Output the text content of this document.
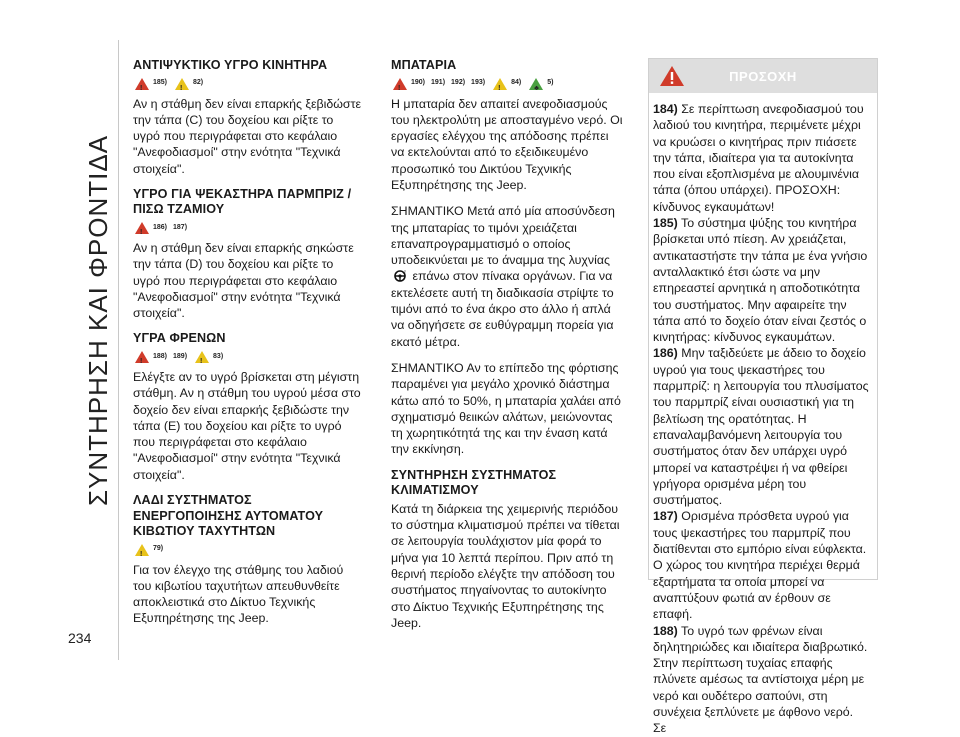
ΣΥΝΤΗΡΗΣΗ ΚΑΙ ΦΡΟΝΤΙΔΑ
234
ΑΝΤΙΨΥΚΤΙΚΟ ΥΓΡΟ ΚΙΝΗΤΗΡΑ
!
185)
!
82)

Αν η στάθμη δεν είναι επαρκής ξεβιδώστε την τάπα (C) του δοχείου και ρίξτε το υγρό που περιγράφεται στο κεφάλαιο "Ανεφοδιασμοί" στην ενότητα "Τεχνικά στοιχεία".

ΥΓΡΟ ΓΙΑ ΨΕΚΑΣΤΗΡΑ ΠΑΡΜΠΡΙΖ / ΠΙΣΩ ΤΖΑΜΙΟΥ
!
186) 187)

Αν η στάθμη δεν είναι επαρκής σηκώστε την τάπα (D) του δοχείου και ρίξτε το υγρό που περιγράφεται στο κεφάλαιο "Ανεφοδιασμοί" στην ενότητα "Τεχνικά στοιχεία".

ΥΓΡΑ ΦΡΕΝΩΝ
!
188) 189)
!
83)

Ελέγξτε αν το υγρό βρίσκεται στη μέγιστη στάθμη. Αν η στάθμη του υγρού μέσα στο δοχείο δεν είναι επαρκής ξεβιδώστε την τάπα (E) του δοχείου και ρίξτε το υγρό που περιγράφεται στο κεφάλαιο "Ανεφοδιασμοί" στην ενότητα "Τεχνικά στοιχεία".

ΛΑΔΙ ΣΥΣΤΗΜΑΤΟΣ ΕΝΕΡΓΟΠΟΙΗΣΗΣ ΑΥΤΟΜΑΤΟΥ ΚΙΒΩΤΙΟΥ ΤΑΧΥΤΗΤΩΝ
!
79)

Για τον έλεγχο της στάθμης του λαδιού του κιβωτίου ταχυτήτων απευθυνθείτε αποκλειστικά στο Δίκτυο Τεχνικής Εξυπηρέτησης της Jeep.

ΜΠΑΤΑΡΙΑ
!
190) 191) 192) 193)
!
84)
♣
5)

Η μπαταρία δεν απαιτεί ανεφοδιασμούς του ηλεκτρολύτη με αποσταγμένο νερό. Οι εργασίες ελέγχου της απόδοσης πρέπει να εκτελούνται από το εξειδικευμένο προσωπικό του Δικτύου Τεχνικής Εξυπηρέτησης της Jeep.

ΣΗΜΑΝΤΙΚΟ Μετά από μία αποσύνδεση της μπαταρίας το τιμόνι χρειάζεται επαναπρογραμματισμό ο οποίος υποδεικνύεται με το άναμμα της λυχνίας
! επάνω στον πίνακα οργάνων. Για να εκτελέσετε αυτή τη διαδικασία στρίψτε το τιμόνι από το ένα άκρο στο άλλο ή απλά να οδηγήσετε σε ευθύγραμμη πορεία για εκατό μέτρα.

ΣΗΜΑΝΤΙΚΟ Αν το επίπεδο της φόρτισης παραμένει για μεγάλο χρονικό διάστημα κάτω από το 50%, η μπαταρία χαλάει από σχηματισμό θειικών αλάτων, μειώνοντας τη χωρητικότητά της και την έναση κατά την εκκίνηση.

ΣΥΝΤΗΡΗΣΗ ΣΥΣΤΗΜΑΤΟΣ ΚΛΙΜΑΤΙΣΜΟΥ

Κατά τη διάρκεια της χειμερινής περιόδου το σύστημα κλιματισμού πρέπει να τίθεται σε λειτουργία τουλάχιστον μία φορά το μήνα για 10 λεπτά περίπου. Πριν από τη θερινή περίοδο ελέγξτε την απόδοση του συστήματος πηγαίνοντας το αυτοκίνητο στο Δίκτυο Τεχνικής Εξυπηρέτησης της Jeep.

ΠΡΟΣΟΧΗ
184) Σε περίπτωση ανεφοδιασμού του λαδιού του κινητήρα, περιμένετε μέχρι να κρυώσει ο κινητήρας πριν πιάσετε την τάπα, ιδιαίτερα για τα αυτοκίνητα που είναι εξοπλισμένα με αλουμινένια τάπα (όπου υπάρχει). ΠΡΟΣΟΧΗ: κίνδυνος εγκαυμάτων!
185) Το σύστημα ψύξης του κινητήρα βρίσκεται υπό πίεση. Αν χρειάζεται, αντικαταστήστε την τάπα με ένα γνήσιο ανταλλακτικό έτσι ώστε να μην επηρεαστεί αρνητικά η αποδοτικότητα του συστήματος. Μην αφαιρείτε την τάπα από το δοχείο όταν είναι ζεστός ο κινητήρας: κίνδυνος εγκαυμάτων.
186) Μην ταξιδεύετε με άδειο το δοχείο υγρού για τους ψεκαστήρες του παρμπρίζ: η λειτουργία του πλυσίματος του παρμπρίζ είναι ουσιαστική για τη βελτίωση της ορατότητας. Η επαναλαμβανόμενη λειτουργία του συστήματος όταν δεν υπάρχει υγρό μπορεί να καταστρέψει ή να φθείρει γρήγορα ορισμένα μέρη του συστήματος.
187) Ορισμένα πρόσθετα υγρού για τους ψεκαστήρες του παρμπρίζ που διατίθενται στο εμπόριο είναι εύφλεκτα. Ο χώρος του κινητήρα περιέχει θερμά εξαρτήματα τα οποία μπορεί να αναπτύξουν φωτιά αν έρθουν σε επαφή.
188) Το υγρό των φρένων είναι δηλητηριώδες και ιδιαίτερα διαβρωτικό. Στην περίπτωση τυχαίας επαφής πλύνετε αμέσως τα αντίστοιχα μέρη με νερό και ουδέτερο σαπούνι, στη συνέχεια ξεπλύνετε με άφθονο νερό. Σε
